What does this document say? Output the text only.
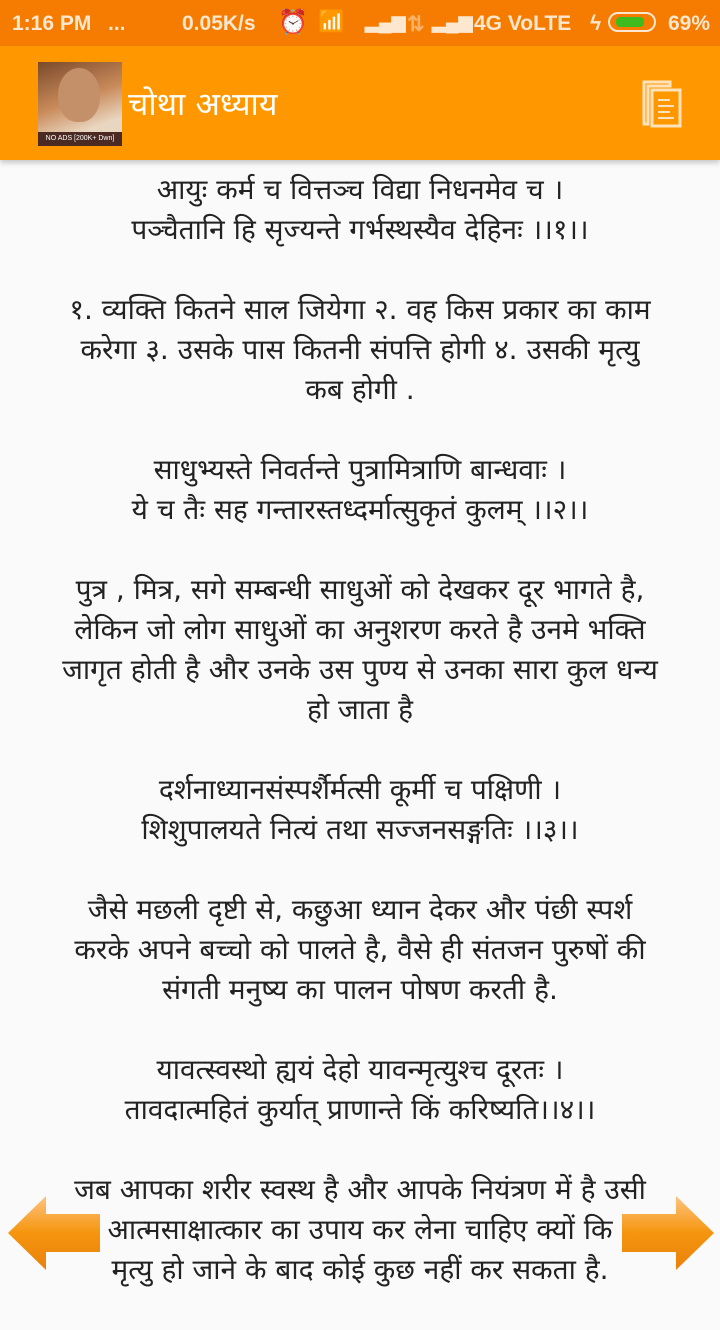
1:16 PM ...	0.05K/s ⏰ 📶 ▂▄▆ ⇅ ▂▄▆ 4G VoLTE ϟ	69%
NO ADS [200K+ Dwn]
चोथा अध्याय
आयुः कर्म च वित्तञ्च विद्या निधनमेव च ।
पञ्चैतानि हि सृज्यन्ते गर्भस्थस्यैव देहिनः ।।१।।
१. व्यक्ति कितने साल जियेगा २. वह किस प्रकार का काम
करेगा ३. उसके पास कितनी संपत्ति होगी ४. उसकी मृत्यु
कब होगी .
साधुभ्यस्ते निवर्तन्ते पुत्रामित्राणि बान्धवाः ।
ये च तैः सह गन्तारस्तध्दर्मात्सुकृतं कुलम् ।।२।।
पुत्र , मित्र, सगे सम्बन्धी साधुओं को देखकर दूर भागते है,
लेकिन जो लोग साधुओं का अनुशरण करते है उनमे भक्ति
जागृत होती है और उनके उस पुण्य से उनका सारा कुल धन्य
हो जाता है
दर्शनाध्यानसंस्पर्शैर्मत्सी कूर्मी च पक्षिणी ।
शिशुपालयते नित्यं तथा सज्जनसङ्गतिः ।।३।।
जैसे मछली दृष्टी से, कछुआ ध्यान देकर और पंछी स्पर्श
करके अपने बच्चो को पालते है, वैसे ही संतजन पुरुषों की
संगती मनुष्य का पालन पोषण करती है.
यावत्स्वस्थो ह्ययं देहो यावन्मृत्युश्च दूरतः ।
तावदात्महितं कुर्यात् प्राणान्ते किं करिष्यति।।४।।
जब आपका शरीर स्वस्थ है और आपके नियंत्रण में है उसी
आत्मसाक्षात्कार का उपाय कर लेना चाहिए क्यों कि
मृत्यु हो जाने के बाद कोई कुछ नहीं कर सकता है.
